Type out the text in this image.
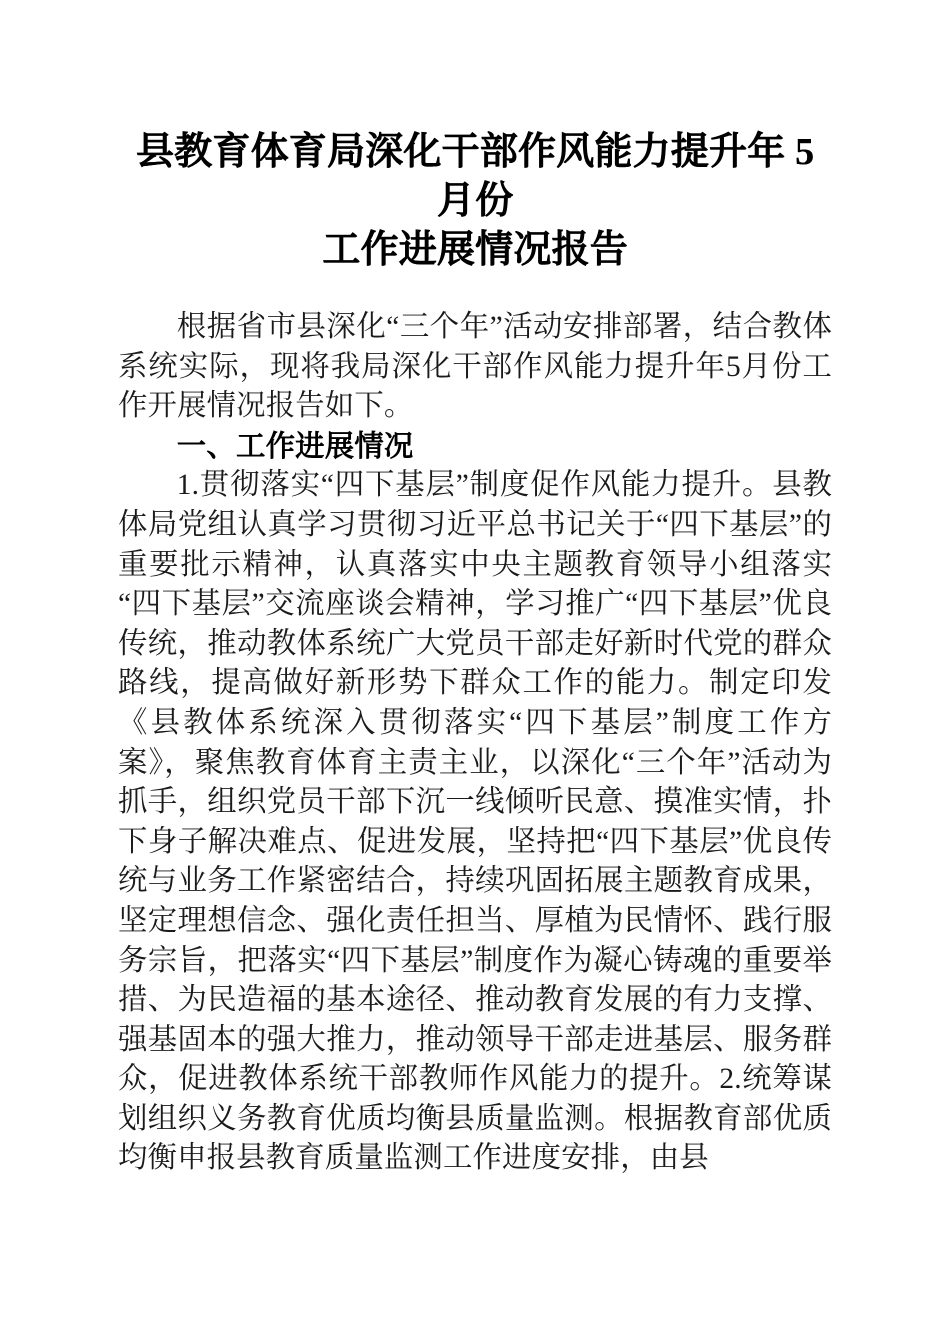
县教育体育局深化干部作风能力提升年 5 月份
工作进展情况报告

根据省市县深化“三个年”活动安排部署，结合教体系统实际，现将我局深化干部作风能力提升年5月份工作开展情况报告如下。

一、工作进展情况

1.贯彻落实“四下基层”制度促作风能力提升。县教体局党组认真学习贯彻习近平总书记关于“四下基层”的重要批示精神，认真落实中央主题教育领导小组落实“四下基层”交流座谈会精神，学习推广“四下基层”优良传统，推动教体系统广大党员干部走好新时代党的群众路线，提高做好新形势下群众工作的能力。制定印发《县教体系统深入贯彻落实“四下基层”制度工作方案》，聚焦教育体育主责主业，以深化“三个年”活动为抓手，组织党员干部下沉一线倾听民意、摸准实情，扑下身子解决难点、促进发展，坚持把“四下基层”优良传统与业务工作紧密结合，持续巩固拓展主题教育成果，坚定理想信念、强化责任担当、厚植为民情怀、践行服务宗旨，把落实“四下基层”制度作为凝心铸魂的重要举措、为民造福的基本途径、推动教育发展的有力支撑、强基固本的强大推力，推动领导干部走进基层、服务群众，促进教体系统干部教师作风能力的提升。2.统筹谋划组织义务教育优质均衡县质量监测。根据教育部优质均衡申报县教育质量监测工作进度安排，由县
